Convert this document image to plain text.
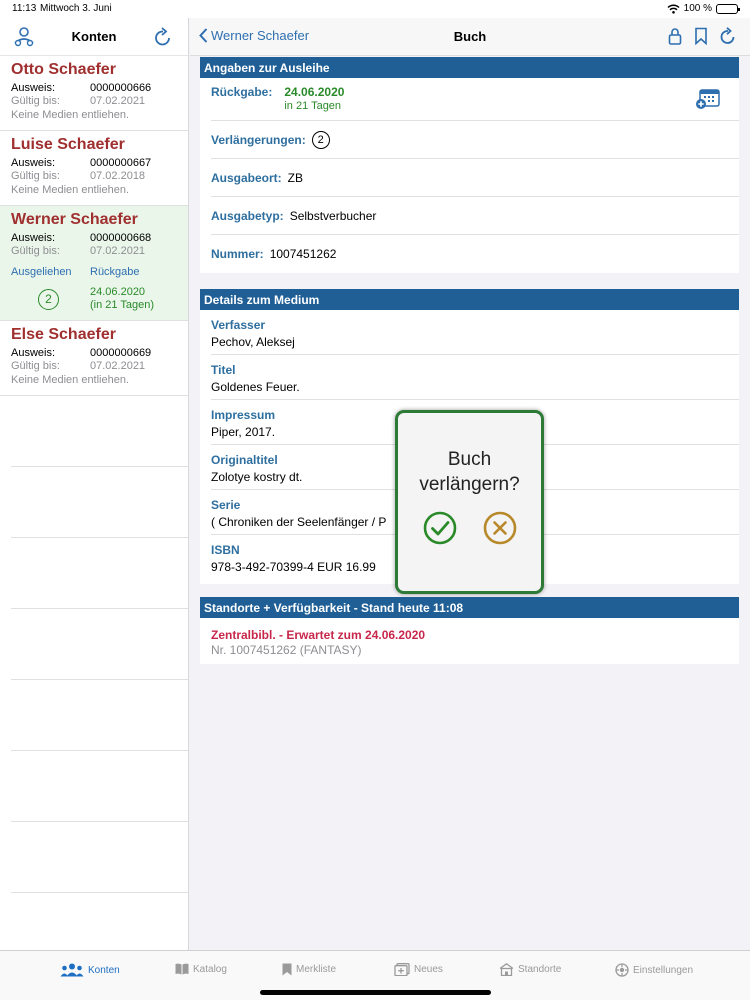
11:13 Mittwoch 3. Juni	100 %
Konten
Otto Schaefer
Ausweis:	0000000666
Gültig bis:	07.02.2021
Keine Medien entliehen.
Luise Schaefer
Ausweis:	0000000667
Gültig bis:	07.02.2018
Keine Medien entliehen.
Werner Schaefer
Ausweis:	0000000668
Gültig bis:	07.02.2021
Ausgeliehen	Rückgabe
2	24.06.2020
(in 21 Tagen)
Else Schaefer
Ausweis:	0000000669
Gültig bis:	07.02.2021
Keine Medien entliehen.
Werner Schaefer	Buch
Angaben zur Ausleihe
Rückgabe: 24.06.2020
in 21 Tagen
Verlängerungen:	2
Ausgabeort: ZB
Ausgabetyp: Selbstverbucher
Nummer: 1007451262
Details zum Medium
Verfasser
Pechov, Aleksej
Titel
Goldenes Feuer.
Impressum
Piper, 2017.
Originaltitel
Zolotye kostry dt.
Serie
( Chroniken der Seelenfänger / P
ISBN
978-3-492-70399-4 EUR 16.99
Standorte + Verfügbarkeit - Stand heute 11:08
Zentralbibl. - Erwartet zum 24.06.2020
Nr. 1007451262 (FANTASY)
Buch
verlängern?
Konten	Katalog	Merkliste	Neues	Standorte	Einstellungen
